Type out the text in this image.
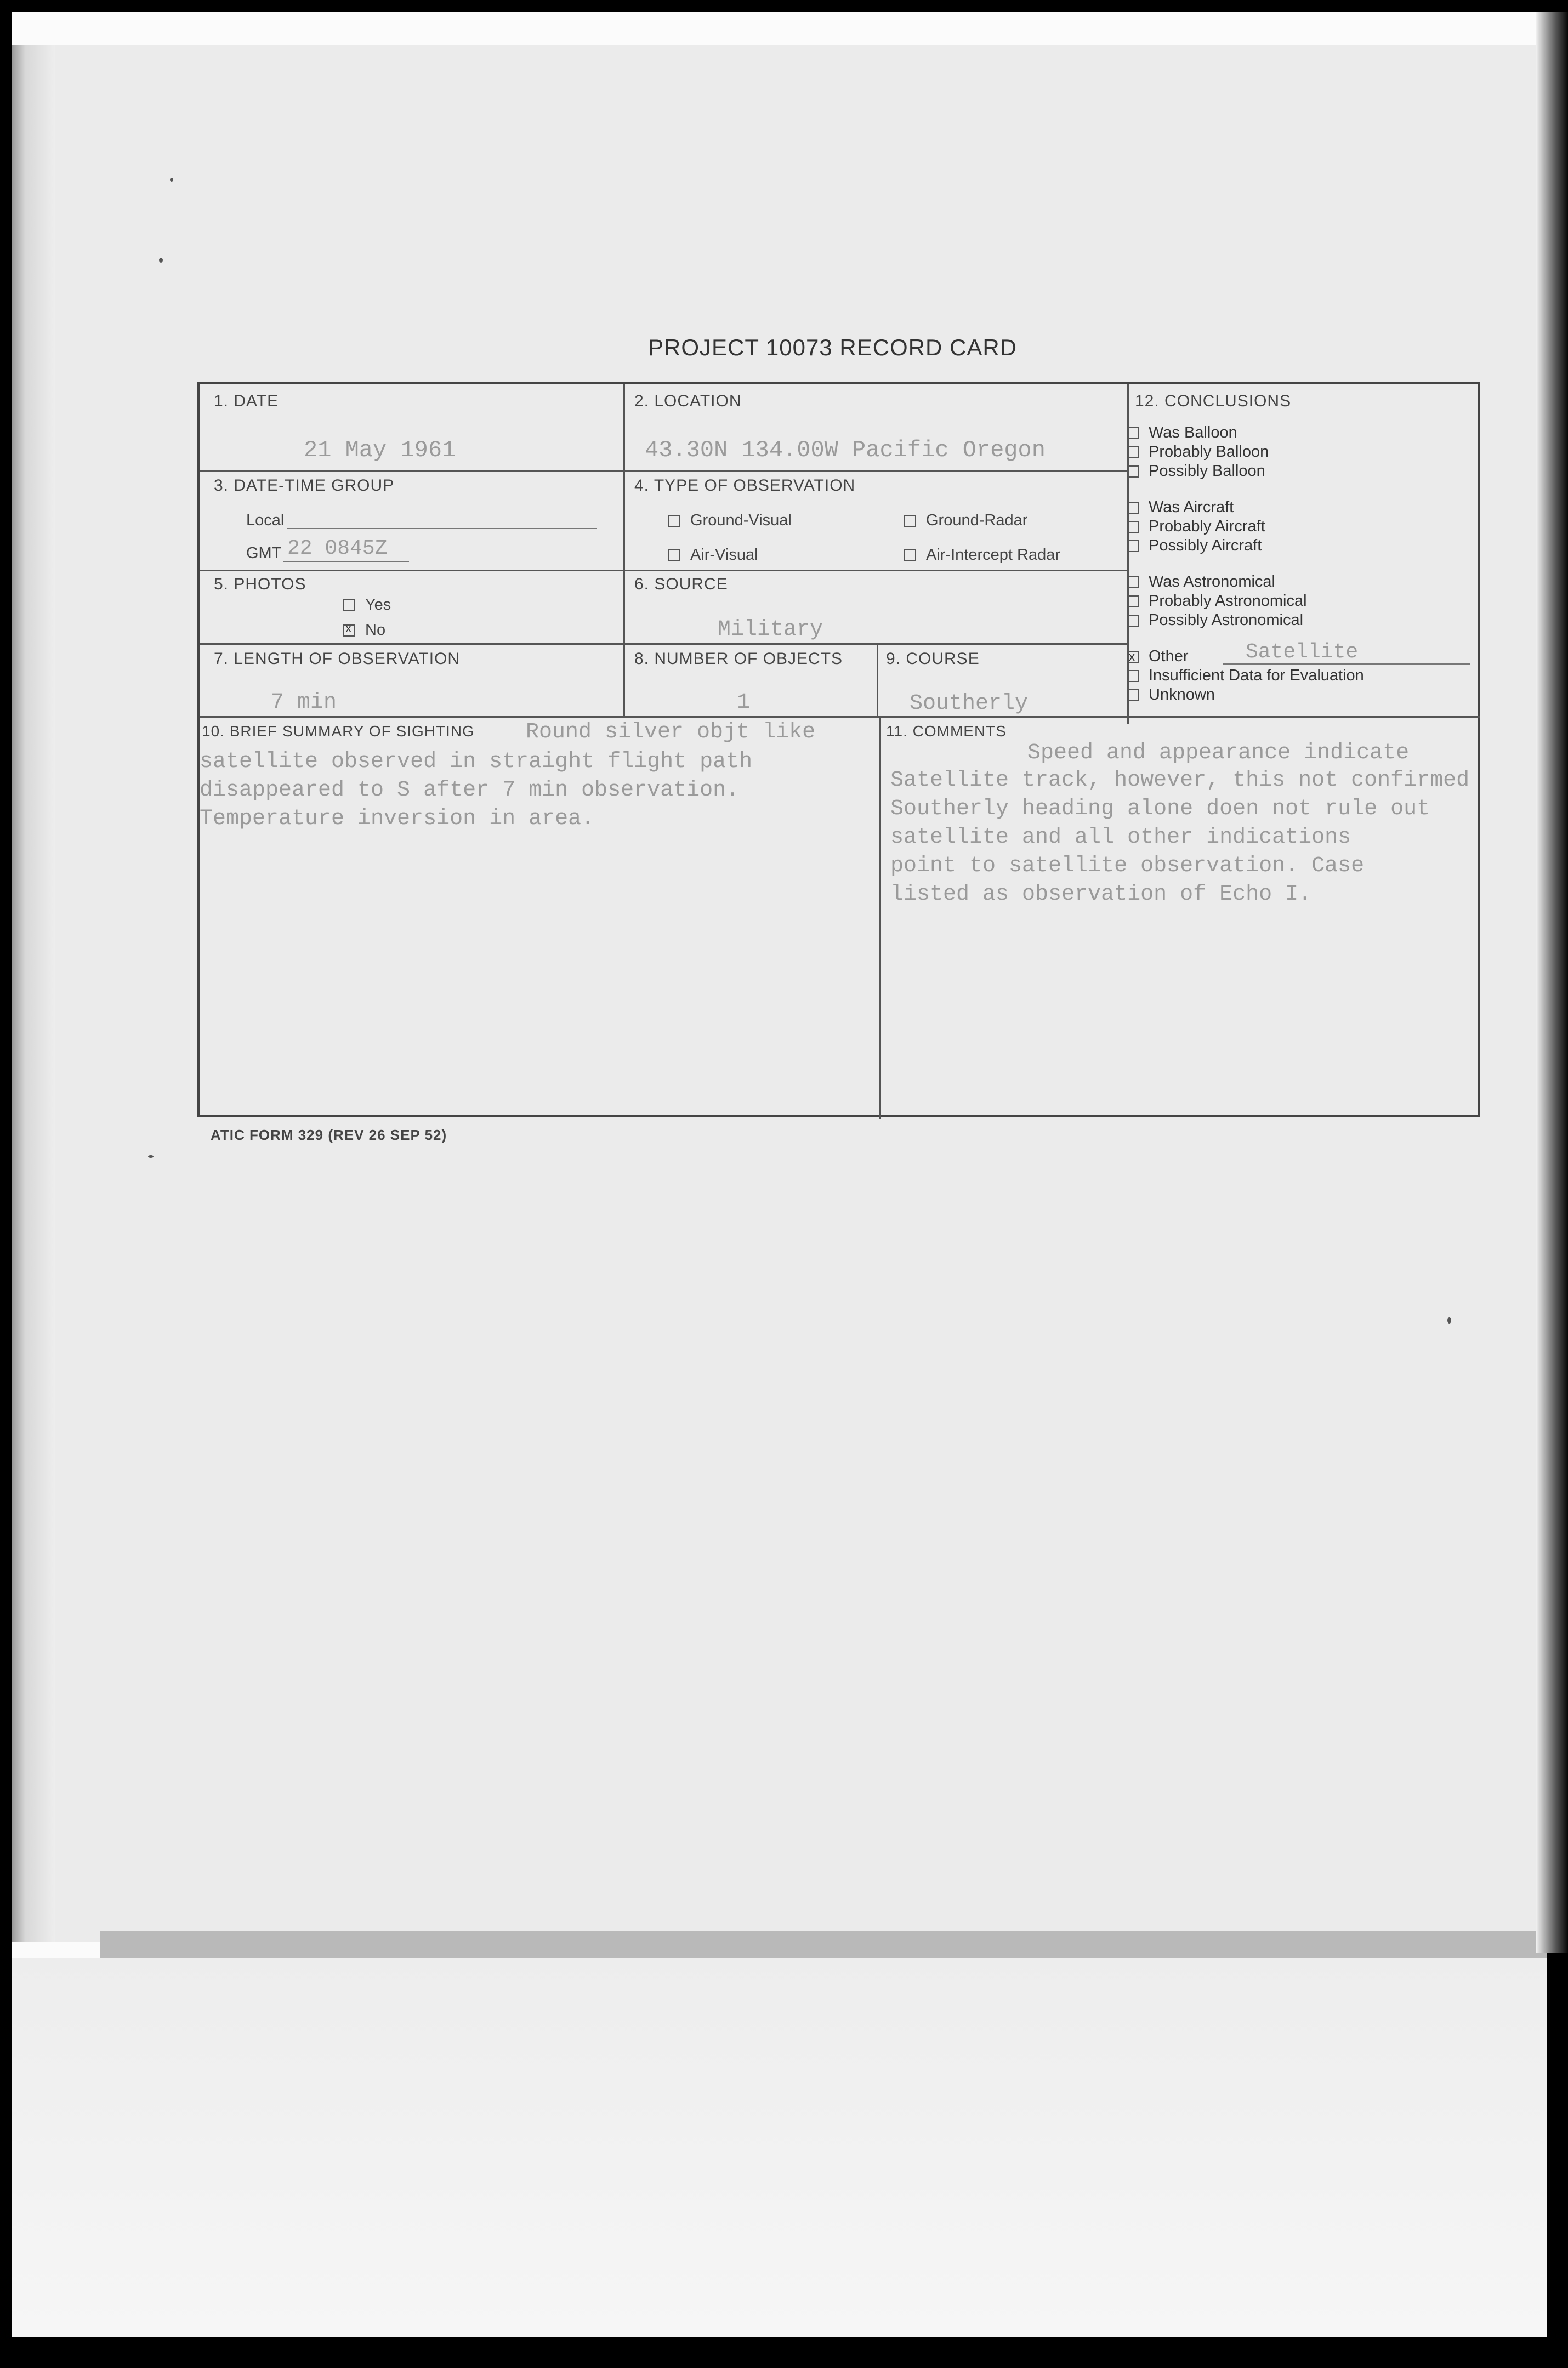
PROJECT 10073 RECORD CARD
1. DATE
21 May 1961
2. LOCATION
43.30N 134.00W Pacific Oregon
3. DATE-TIME GROUP
Local
GMT 22 0845Z
4. TYPE OF OBSERVATION
Ground-Visual	Ground-Radar
Air-Visual	Air-Intercept Radar
5. PHOTOS
Yes
xNo
6. SOURCE
Military
7. LENGTH OF OBSERVATION
7 min
8. NUMBER OF OBJECTS
1
9. COURSE
Southerly
10. BRIEF SUMMARY OF SIGHTING Round silver objt like
satellite observed in straight flight path
disappeared to S after 7 min observation.
Temperature inversion in area.
11. COMMENTS
Speed and appearance indicate
Satellite track, however, this not confirmed
Southerly heading alone doen not rule out
satellite and all other indications
point to satellite observation. Case
listed as observation of Echo I.
12. CONCLUSIONS
Was Balloon
Probably Balloon
Possibly Balloon
Was Aircraft
Probably Aircraft
Possibly Aircraft
Was Astronomical
Probably Astronomical
Possibly Astronomical
xOther	Satellite
Insufficient Data for Evaluation
Unknown
ATIC FORM 329 (REV 26 SEP 52)
